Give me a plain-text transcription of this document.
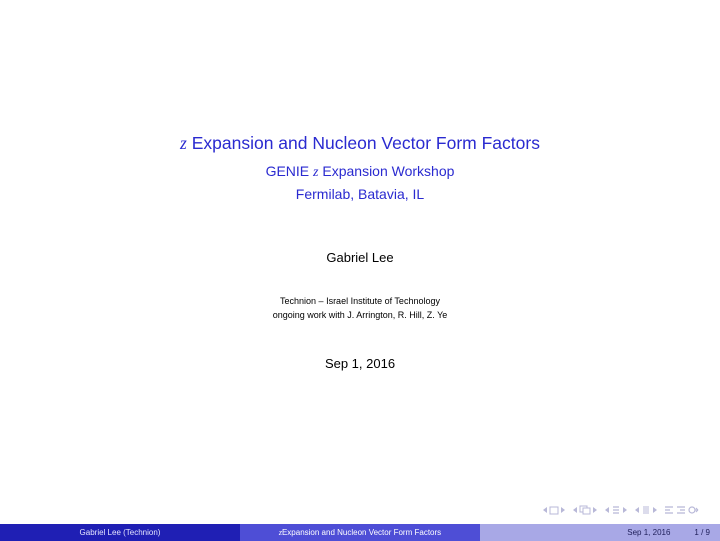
z Expansion and Nucleon Vector Form Factors
GENIE z Expansion Workshop
Fermilab, Batavia, IL
Gabriel Lee
Technion – Israel Institute of Technology
ongoing work with J. Arrington, R. Hill, Z. Ye
Sep 1, 2016
Gabriel Lee (Technion)	z Expansion and Nucleon Vector Form Factors	Sep 1, 2016	1 / 9
